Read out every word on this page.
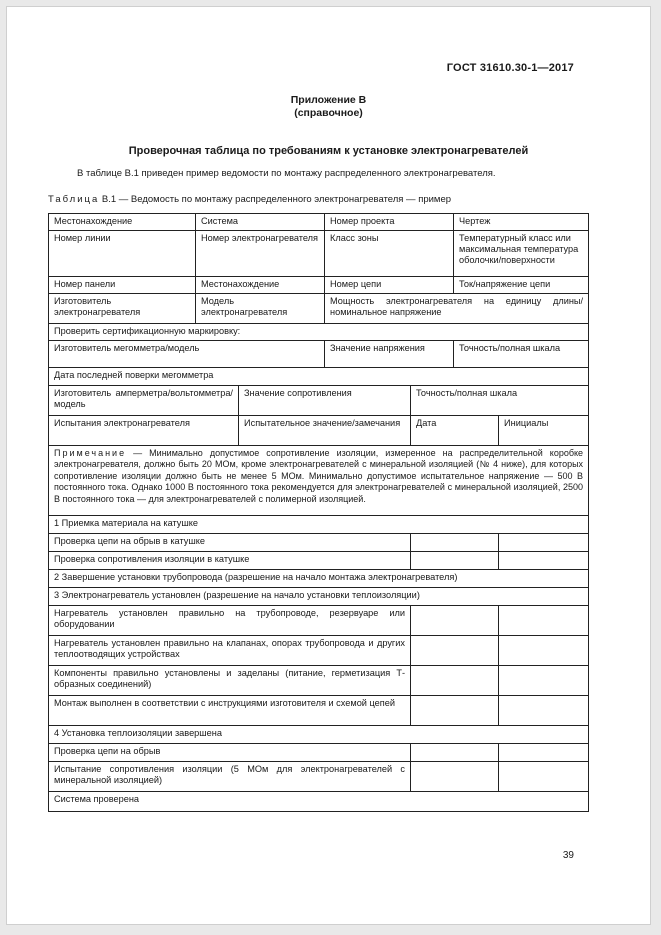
ГОСТ 31610.30-1—2017
Приложение В
(справочное)
Проверочная таблица по требованиям к установке электронагревателей
В таблице В.1 приведен пример ведомости по монтажу распределенного электронагревателя.
Таблица В.1 — Ведомость по монтажу распределенного электронагревателя — пример
Местонахождение	Система		Номер проекта		Чертеж	
Номер линии	Номер электронагревателя		Класс зоны		Температурный класс или максимальная температура оболочки/поверхности	
Номер панели	Местонахождение		Номер цепи		Ток/напряжение цепи	
Изготовитель электронагревателя	Модель электронагревателя		Мощность электронагревателя на единицу длины/номинальное напряжение			
Проверить сертификационную маркировку:						
Изготовитель мегомметра/модель			Значение напряжения		Точность/полная шкала	
Дата последней поверки мегомметра						
Изготовитель амперметра/вольтомметра/модель		Значение сопротивления		Точность/полная шкала		
Испытания электронагревателя		Испытательное значение/замечания		Дата		Инициалы
Примечание — Минимально допустимое сопротивление изоляции, измеренное на распределительной коробке электронагревателя, должно быть 20 МОм, кроме электронагревателей с минеральной изоляцией (№ 4 ниже), для которых сопротивление изоляции должно быть не менее 5 МОм. Минимально допустимое испытательное напряжение — 500 В постоянного тока. Однако 1000 В постоянного тока рекомендуется для электронагревателей с минеральной изоляцией, 2500 В постоянного тока — для электронагревателей с полимерной изоляцией.						
1 Приемка материала на катушке						
Проверка цепи на обрыв в катушке						
Проверка сопротивления изоляции в катушке						
2 Завершение установки трубопровода (разрешение на начало монтажа электронагревателя)						
3 Электронагреватель установлен (разрешение на начало установки теплоизоляции)						
Нагреватель установлен правильно на трубопроводе, резервуаре или оборудовании						
Нагреватель установлен правильно на клапанах, опорах трубопровода и других теплоотводящих устройствах						
Компоненты правильно установлены и заделаны (питание, герметизация Т-образных соединений)						
Монтаж выполнен в соответствии с инструкциями изготовителя и схемой цепей						
4 Установка теплоизоляции завершена						
Проверка цепи на обрыв						
Испытание сопротивления изоляции (5 МОм для электронагревателей с минеральной изоляцией)						
Система проверена						
39
